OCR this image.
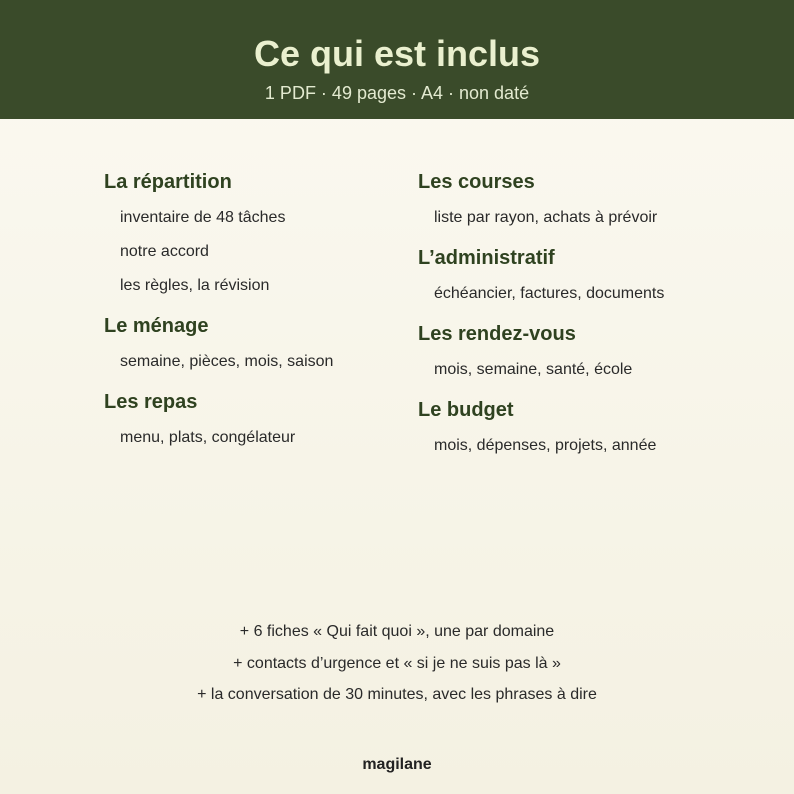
Ce qui est inclus
1 PDF · 49 pages · A4 · non daté
La répartition
inventaire de 48 tâches
notre accord
les règles, la révision
Le ménage
semaine, pièces, mois, saison
Les repas
menu, plats, congélateur
Les courses
liste par rayon, achats à prévoir
L’administratif
échéancier, factures, documents
Les rendez-vous
mois, semaine, santé, école
Le budget
mois, dépenses, projets, année
+ 6 fiches « Qui fait quoi », une par domaine
+ contacts d’urgence et « si je ne suis pas là »
+ la conversation de 30 minutes, avec les phrases à dire
magilane
